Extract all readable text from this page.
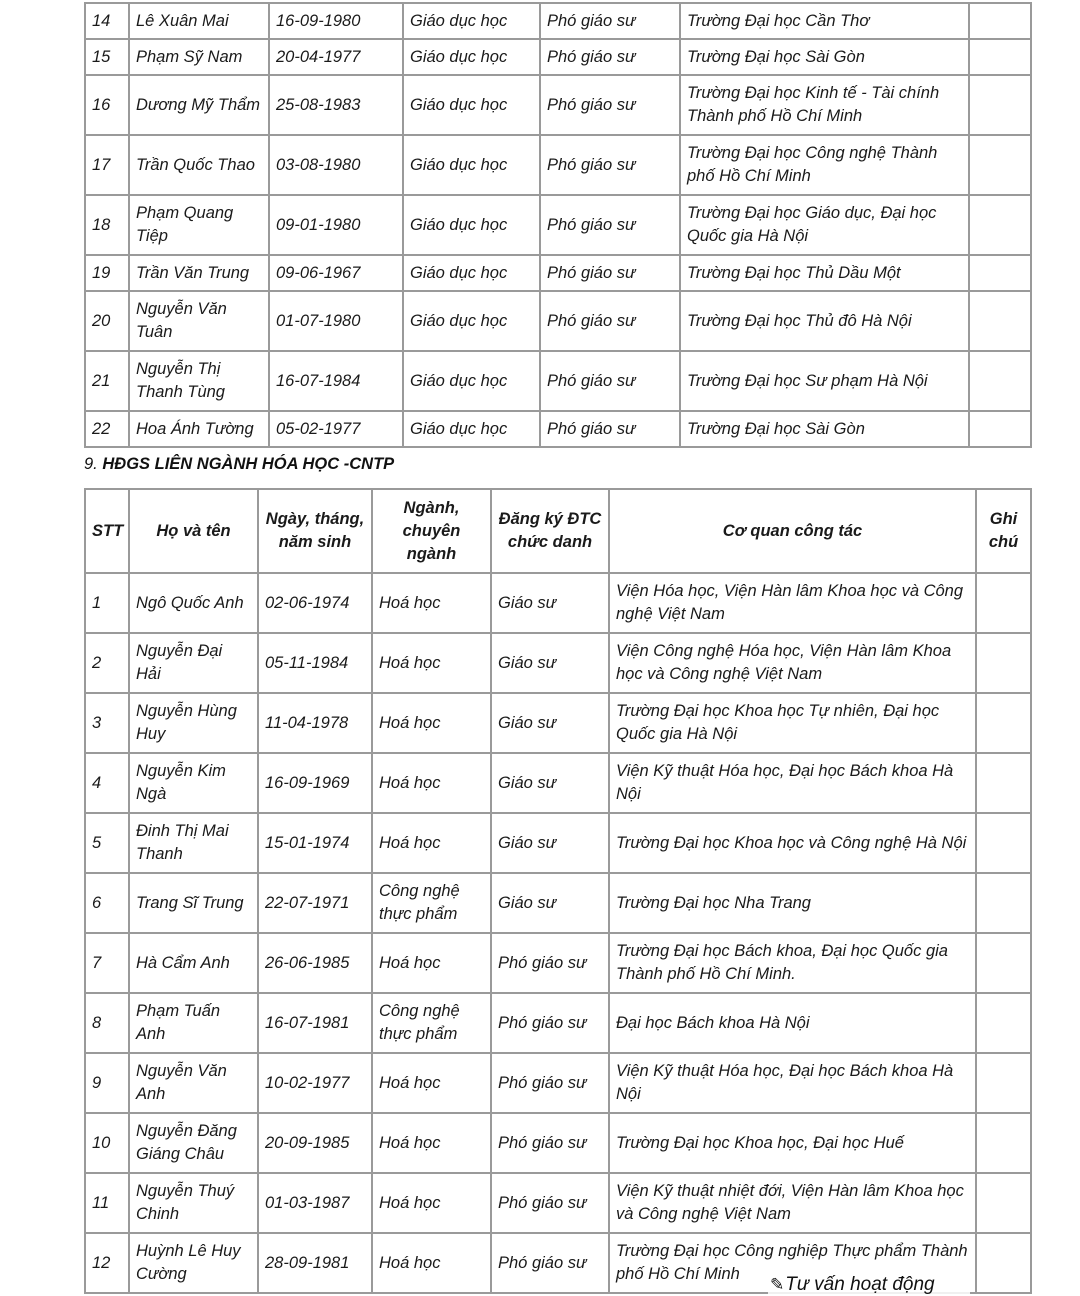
14	Lê Xuân Mai	16-09-1980	Giáo dục học	Phó giáo sư	Trường Đại học Cần Thơ	
15	Phạm Sỹ Nam	20-04-1977	Giáo dục học	Phó giáo sư	Trường Đại học Sài Gòn	
16	Dương Mỹ Thẩm	25-08-1983	Giáo dục học	Phó giáo sư	Trường Đại học Kinh tế - Tài chính Thành phố Hồ Chí Minh	
17	Trần Quốc Thao	03-08-1980	Giáo dục học	Phó giáo sư	Trường Đại học Công nghệ Thành phố Hồ Chí Minh	
18	Phạm Quang Tiệp	09-01-1980	Giáo dục học	Phó giáo sư	Trường Đại học Giáo dục, Đại học Quốc gia Hà Nội	
19	Trần Văn Trung	09-06-1967	Giáo dục học	Phó giáo sư	Trường Đại học Thủ Dầu Một	
20	Nguyễn Văn Tuân	01-07-1980	Giáo dục học	Phó giáo sư	Trường Đại học Thủ đô Hà Nội	
21	Nguyễn Thị Thanh Tùng	16-07-1984	Giáo dục học	Phó giáo sư	Trường Đại học Sư phạm Hà Nội	
22	Hoa Ánh Tường	05-02-1977	Giáo dục học	Phó giáo sư	Trường Đại học Sài Gòn	
9. HĐGS LIÊN NGÀNH HÓA HỌC -CNTP
STT	Họ và tên	Ngày, tháng, năm sinh	Ngành, chuyên ngành	Đăng ký ĐTC chức danh	Cơ quan công tác	Ghi chú
1	Ngô Quốc Anh	02-06-1974	Hoá học	Giáo sư	Viện Hóa học, Viện Hàn lâm Khoa học và Công nghệ Việt Nam	
2	Nguyễn Đại Hải	05-11-1984	Hoá học	Giáo sư	Viện Công nghệ Hóa học, Viện Hàn lâm Khoa học và Công nghệ Việt Nam	
3	Nguyễn Hùng Huy	11-04-1978	Hoá học	Giáo sư	Trường Đại học Khoa học Tự nhiên, Đại học Quốc gia Hà Nội	
4	Nguyễn Kim Ngà	16-09-1969	Hoá học	Giáo sư	Viện Kỹ thuật Hóa học, Đại học Bách khoa Hà Nội	
5	Đinh Thị Mai Thanh	15-01-1974	Hoá học	Giáo sư	Trường Đại học Khoa học và Công nghệ Hà Nội	
6	Trang Sĩ Trung	22-07-1971	Công nghệ thực phẩm	Giáo sư	Trường Đại học Nha Trang	
7	Hà Cẩm Anh	26-06-1985	Hoá học	Phó giáo sư	Trường Đại học Bách khoa, Đại học Quốc gia Thành phố Hồ Chí Minh.	
8	Phạm Tuấn Anh	16-07-1981	Công nghệ thực phẩm	Phó giáo sư	Đại học Bách khoa Hà Nội	
9	Nguyễn Văn Anh	10-02-1977	Hoá học	Phó giáo sư	Viện Kỹ thuật Hóa học, Đại học Bách khoa Hà Nội	
10	Nguyễn Đăng Giáng Châu	20-09-1985	Hoá học	Phó giáo sư	Trường Đại học Khoa học, Đại học Huế	
11	Nguyễn Thuý Chinh	01-03-1987	Hoá học	Phó giáo sư	Viện Kỹ thuật nhiệt đới, Viện Hàn lâm Khoa học và Công nghệ Việt Nam	
12	Huỳnh Lê Huy Cường	28-09-1981	Hoá học	Phó giáo sư	Trường Đại học Công nghiệp Thực phẩm Thành phố Hồ Chí Minh	
✎Tư vấn hoạt động
